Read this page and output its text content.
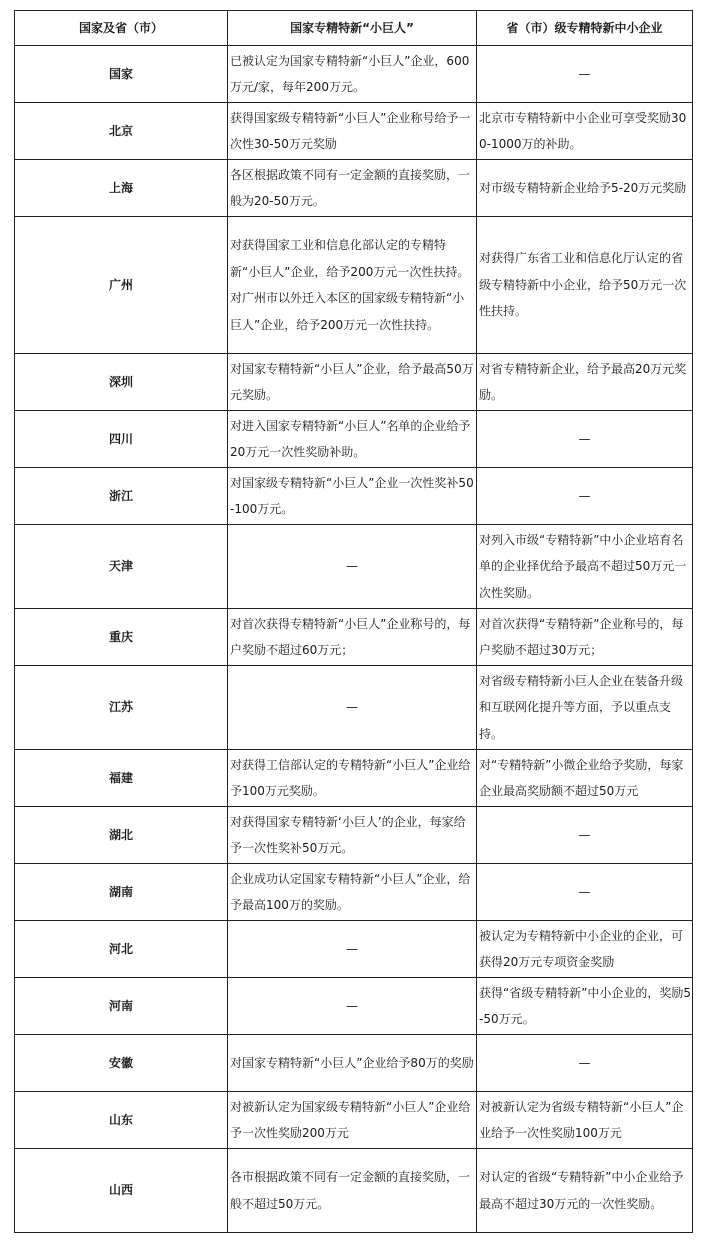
国家及省（市）	国家专精特新“小巨人”	省（市）级专精特新中小企业
国家	已被认定为国家专精特新“小巨人”企业，600万元/家，每年200万元。	—
北京	获得国家级专精特新“小巨人”企业称号给予一次性30-50万元奖励	北京市专精特新中小企业可享受奖励300-1000万的补助。
上海	各区根据政策不同有一定金额的直接奖励，一般为20-50万元。	对市级专精特新企业给予5-20万元奖励
广州	对获得国家工业和信息化部认定的专精特新“小巨人”企业，给予200万元一次性扶持。对广州市以外迁入本区的国家级专精特新“小巨人”企业，给予200万元一次性扶持。	对获得广东省工业和信息化厅认定的省级专精特新中小企业，给予50万元一次性扶持。
深圳	对国家专精特新“小巨人”企业，给予最高50万元奖励。	对省专精特新企业，给予最高20万元奖励。
四川	对进入国家专精特新“小巨人”名单的企业给予20万元一次性奖励补助。	—
浙江	对国家级专精特新“小巨人”企业一次性奖补50-100万元。	—
天津	—	对列入市级“专精特新”中小企业培育名单的企业择优给予最高不超过50万元一次性奖励。
重庆	对首次获得专精特新“小巨人”企业称号的，每户奖励不超过60万元；	对首次获得“专精特新”企业称号的，每户奖励不超过30万元；
江苏	—	对省级专精特新小巨人企业在装备升级和互联网化提升等方面，予以重点支持。
福建	对获得工信部认定的专精特新“小巨人”企业给予100万元奖励。	对“专精特新”小微企业给予奖励，每家企业最高奖励额不超过50万元
湖北	对获得国家专精特新‘小巨人’的企业，每家给予一次性奖补50万元。	—
湖南	企业成功认定国家专精特新“小巨人”企业，给予最高100万的奖励。	—
河北	—	被认定为专精特新中小企业的企业，可获得20万元专项资金奖励
河南	—	获得“省级专精特新”中小企业的，奖励5-50万元。
安徽	对国家专精特新“小巨人”企业给予80万的奖励	—
山东	对被新认定为国家级专精特新“小巨人”企业给予一次性奖励200万元	对被新认定为省级专精特新“小巨人”企业给予一次性奖励100万元
山西	各市根据政策不同有一定金额的直接奖励，一般不超过50万元。	对认定的省级“专精特新”中小企业给予最高不超过30万元的一次性奖励。
